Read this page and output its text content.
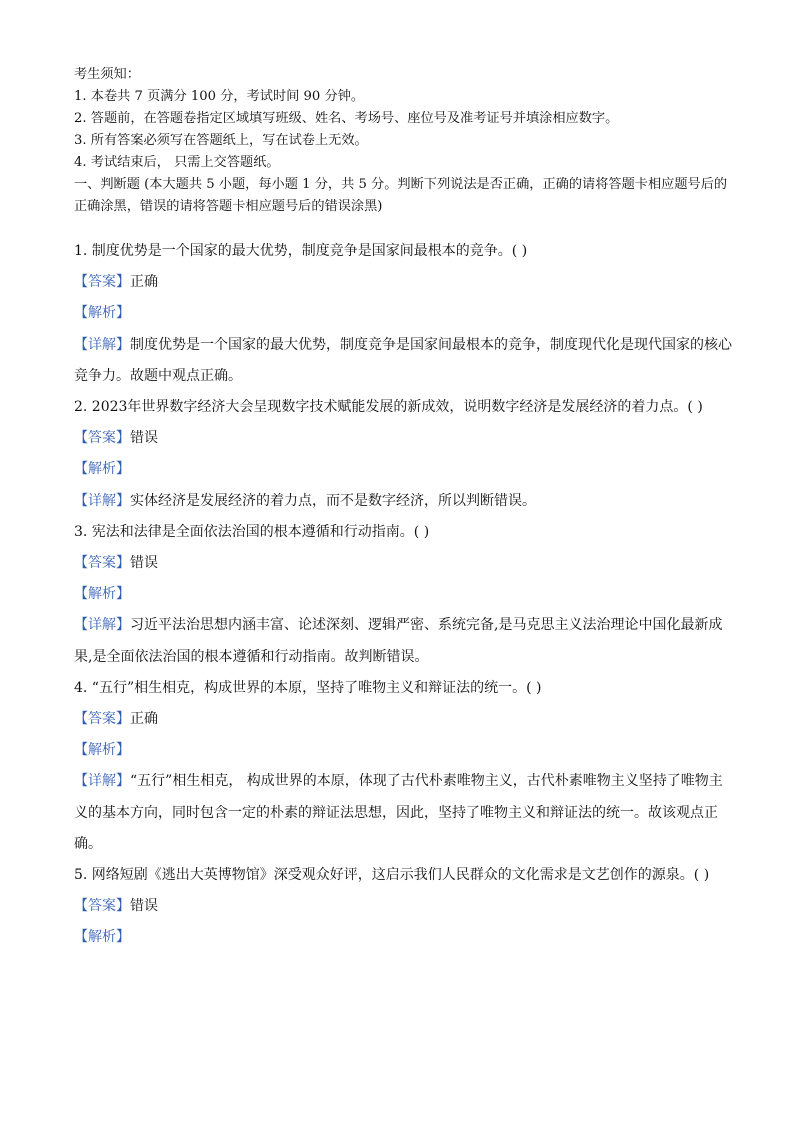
考生须知：

1. 本卷共 7 页满分 100 分，考试时间 90 分钟。

2. 答题前，在答题卷指定区域填写班级、姓名、考场号、座位号及准考证号并填涂相应数字。

3. 所有答案必须写在答题纸上，写在试卷上无效。

4. 考试结束后， 只需上交答题纸。

一、判断题 (本大题共 5 小题，每小题 1 分，共 5 分。判断下列说法是否正确，正确的请将答题卡相应题号后的正确涂黑，错误的请将答题卡相应题号后的错误涂黑)

1. 制度优势是一个国家的最大优势，制度竞争是国家间最根本的竞争。( )

【答案】正确

【解析】

【详解】制度优势是一个国家的最大优势，制度竞争是国家间最根本的竞争，制度现代化是现代国家的核心竞争力。故题中观点正确。

2. 2023年世界数字经济大会呈现数字技术赋能发展的新成效，说明数字经济是发展经济的着力点。( )

【答案】错误

【解析】

【详解】实体经济是发展经济的着力点，而不是数字经济，所以判断错误。

3. 宪法和法律是全面依法治国的根本遵循和行动指南。( )

【答案】错误

【解析】

【详解】习近平法治思想内涵丰富、论述深刻、逻辑严密、系统完备,是马克思主义法治理论中国化最新成果,是全面依法治国的根本遵循和行动指南。故判断错误。

4. “五行”相生相克，构成世界的本原，坚持了唯物主义和辩证法的统一。( )

【答案】正确

【解析】

【详解】“五行”相生相克， 构成世界的本原，体现了古代朴素唯物主义，古代朴素唯物主义坚持了唯物主义的基本方向，同时包含一定的朴素的辩证法思想，因此，坚持了唯物主义和辩证法的统一。故该观点正确。

5. 网络短剧《逃出大英博物馆》深受观众好评，这启示我们人民群众的文化需求是文艺创作的源泉。( )

【答案】错误

【解析】
